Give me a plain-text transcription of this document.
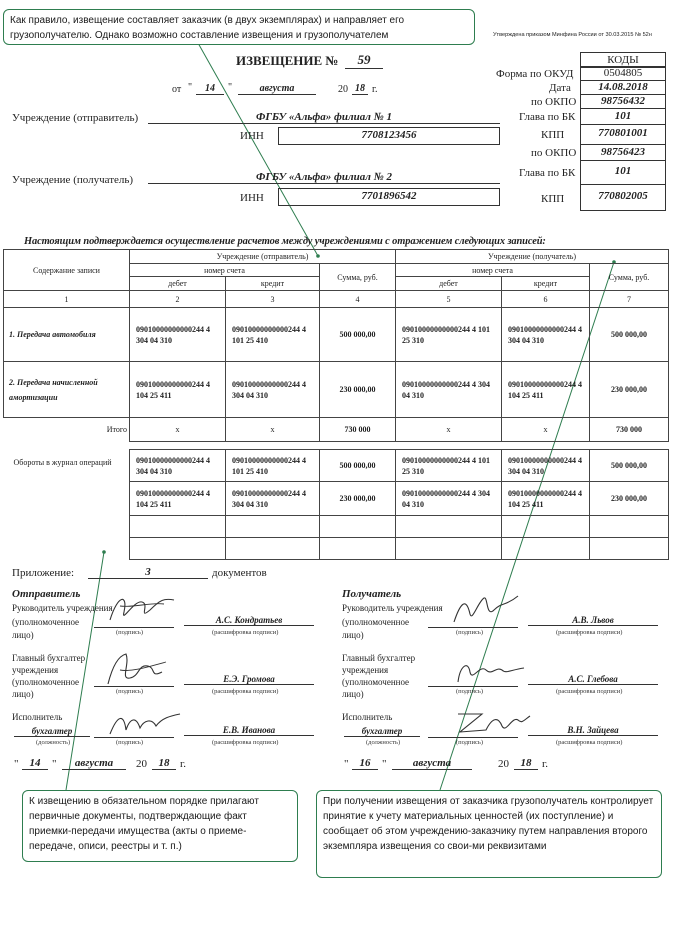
Как правило, извещение составляет заказчик (в двух экземплярах) и направляет его грузополучателю. Однако возможно составление извещения и грузополучателем	Утверждена приказом Минфина России от 30.03.2015 № 52н
ИЗВЕЩЕНИЕ №	59
от "	14	"	августа	20 18 г.
КОДЫ
Форма по ОКУД	0504805
Дата	14.08.2018
по ОКПО	98756432
Глава по БК	101
КПП	770801001
по ОКПО	98756423
Глава по БК	101
КПП	770802005
Учреждение (отправитель)	ФГБУ «Альфа» филиал № 1
ИНН	7708123456
Учреждение (получатель)	ФГБУ «Альфа» филиал № 2
ИНН	7701896542
Настоящим подтверждается осуществление расчетов между учреждениями с отражением следующих записей:
Содержание записи	Учреждение (отправитель)			Учреждение (получатель)		
	номер счета		Сумма, руб.	номер счета		Сумма, руб.
	дебет	кредит		дебет	кредит	
1	2	3	4	5	6	7
1. Передача автомобиля	09010000000000244 4 304 04 310	09010000000000244 4 101 25 410	500 000,00	09010000000000244 4 101 25 310	09010000000000244 4 304 04 310	500 000,00
2. Передача начисленной амортизации	09010000000000244 4 104 25 411	09010000000000244 4 304 04 310	230 000,00	09010000000000244 4 304 04 310	09010000000000244 4 104 25 411	230 000,00
Итого	x	x	730 000	x	x	730 000

Обороты в журнал операций	09010000000000244 4 304 04 310	09010000000000244 4 101 25 410	500 000,00	09010000000000244 4 101 25 310	09010000000000244 4 304 04 310	500 000,00
	09010000000000244 4 104 25 411	09010000000000244 4 304 04 310	230 000,00	09010000000000244 4 304 04 310	09010000000000244 4 104 25 411	230 000,00

Приложение:	3	документов
Отправитель
Руководитель учреждения
(уполномоченное
лицо)	(подпись)
А.С. Кондратьев
(расшифровка подписи)
Главный бухгалтер
учреждения
(уполномоченное
лицо)	(подпись)
Е.Э. Громова
(расшифровка подписи)
Исполнитель
бухгалтер
(должность)	(подпись)
Е.В. Иванова
(расшифровка подписи)
"	14	"	августа	20	18 г.
Получатель
Руководитель учреждения
(уполномоченное
лицо)	(подпись)
А.В. Львов
(расшифровка подписи)
Главный бухгалтер
учреждения
(уполномоченное
лицо)	(подпись)
А.С. Глебова
(расшифровка подписи)
Исполнитель
бухгалтер
(должность)	(подпись)
В.Н. Зайцева
(расшифровка подписи)
"	16	"	августа	20	18 г.
К извещению в обязательном порядке прилагают первичные документы, подтверждающие факт приемки-передачи имущества (акты о приеме-передаче, описи, реестры и т. п.)
При получении извещения от заказчика грузополучатель контролирует принятие к учету материальных ценностей (их поступление) и сообщает об этом учреждению-заказчику путем направления второго экземпляра извещения со свои-ми реквизитами
